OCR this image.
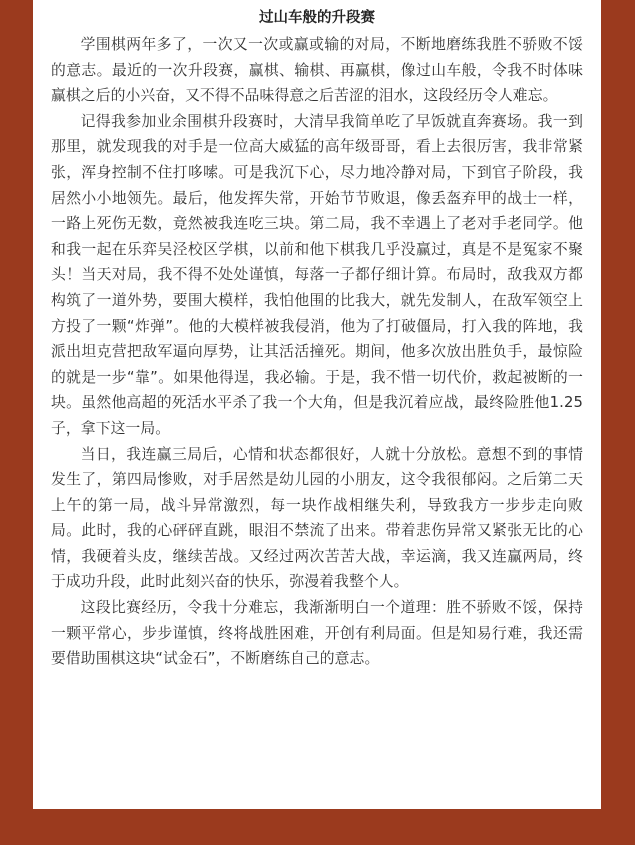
过山车般的升段赛

学围棋两年多了，一次又一次或赢或输的对局，不断地磨练我胜不骄败不馁的意志。最近的一次升段赛，赢棋、输棋、再赢棋，像过山车般，令我不时体味赢棋之后的小兴奋，又不得不品味得意之后苦涩的泪水，这段经历令人难忘。

记得我参加业余围棋升段赛时，大清早我简单吃了早饭就直奔赛场。我一到那里，就发现我的对手是一位高大威猛的高年级哥哥，看上去很厉害，我非常紧张，浑身控制不住打哆嗦。可是我沉下心，尽力地冷静对局，下到官子阶段，我居然小小地领先。最后，他发挥失常，开始节节败退，像丢盔弃甲的战士一样，一路上死伤无数，竟然被我连吃三块。第二局，我不幸遇上了老对手老同学。他和我一起在乐弈吴泾校区学棋，以前和他下棋我几乎没赢过，真是不是冤家不聚头！当天对局，我不得不处处谨慎，每落一子都仔细计算。布局时，敌我双方都构筑了一道外势，要围大模样，我怕他围的比我大，就先发制人，在敌军领空上方投了一颗“炸弹”。他的大模样被我侵消，他为了打破僵局，打入我的阵地，我派出坦克营把敌军逼向厚势，让其活活撞死。期间，他多次放出胜负手，最惊险的就是一步“靠”。如果他得逞，我必输。于是，我不惜一切代价，救起被断的一块。虽然他高超的死活水平杀了我一个大角，但是我沉着应战，最终险胜他1.25子，拿下这一局。

当日，我连赢三局后，心情和状态都很好，人就十分放松。意想不到的事情发生了，第四局惨败，对手居然是幼儿园的小朋友，这令我很郁闷。之后第二天上午的第一局，战斗异常激烈，每一块作战相继失利，导致我方一步步走向败局。此时，我的心砰砰直跳，眼泪不禁流了出来。带着悲伤异常又紧张无比的心情，我硬着头皮，继续苦战。又经过两次苦苦大战，幸运滴，我又连赢两局，终于成功升段，此时此刻兴奋的快乐，弥漫着我整个人。

这段比赛经历，令我十分难忘，我渐渐明白一个道理：胜不骄败不馁，保持一颗平常心，步步谨慎，终将战胜困难，开创有利局面。但是知易行难，我还需要借助围棋这块“试金石”，不断磨练自己的意志。
